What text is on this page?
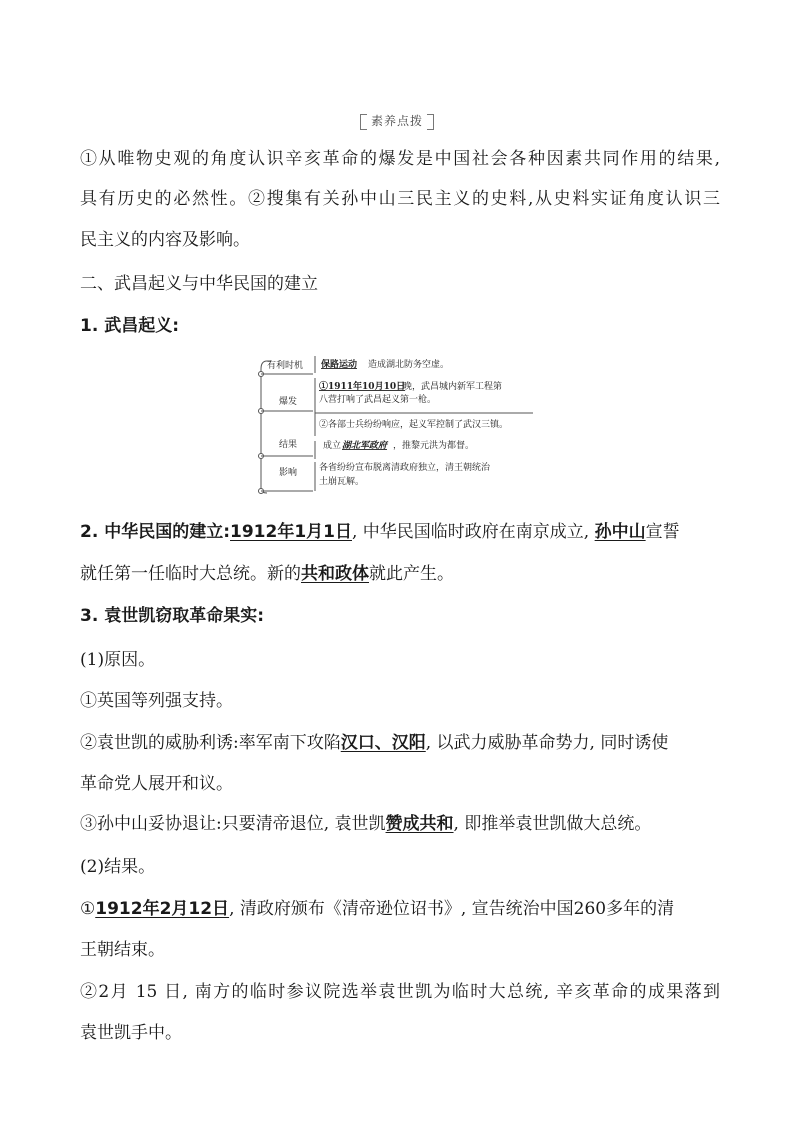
素养点拨
①从唯物史观的角度认识辛亥革命的爆发是中国社会各种因素共同作用的结果,
具有历史的必然性。②搜集有关孙中山三民主义的史料,从史料实证角度认识三
民主义的内容及影响。
二、武昌起义与中华民国的建立
1. 武昌起义:
有利时机 保路运动 造成湖北防务空虚。
爆发
①1911年10月10日
晚，武昌城内新军工程第
八营打响了武昌起义第一枪。
②各部士兵纷纷响应，起义军控制了武汉三镇。
结果	成立 湖北军政府 ，推黎元洪为都督。
影响 各省纷纷宣布脱离清政府独立，清王朝统治
土崩瓦解。
2. 中华民国的建立:1912年1月1日, 中华民国临时政府在南京成立, 孙中山宣誓
就任第一任临时大总统。新的共和政体就此产生。
3. 袁世凯窃取革命果实:
(1)原因。
①英国等列强支持。
②袁世凯的威胁利诱:率军南下攻陷汉口、汉阳, 以武力威胁革命势力, 同时诱使
革命党人展开和议。
③孙中山妥协退让:只要清帝退位, 袁世凯赞成共和, 即推举袁世凯做大总统。
(2)结果。
①1912年2月12日, 清政府颁布《清帝逊位诏书》, 宣告统治中国260多年的清
王朝结束。
②2月 15 日, 南方的临时参议院选举袁世凯为临时大总统, 辛亥革命的成果落到
袁世凯手中。
